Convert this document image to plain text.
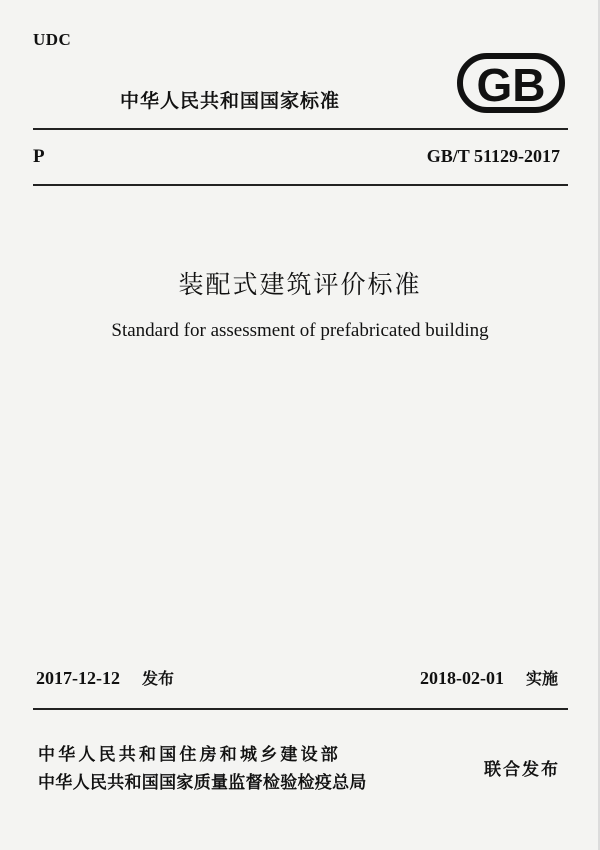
UDC
中华人民共和国国家标准	GB
P	GB/T 51129-2017
装配式建筑评价标准
Standard for assessment of prefabricated building
2017-12-12 发布	2018-02-01 实施
中华人民共和国住房和城乡建设部
中华人民共和国国家质量监督检验检疫总局
联合发布
